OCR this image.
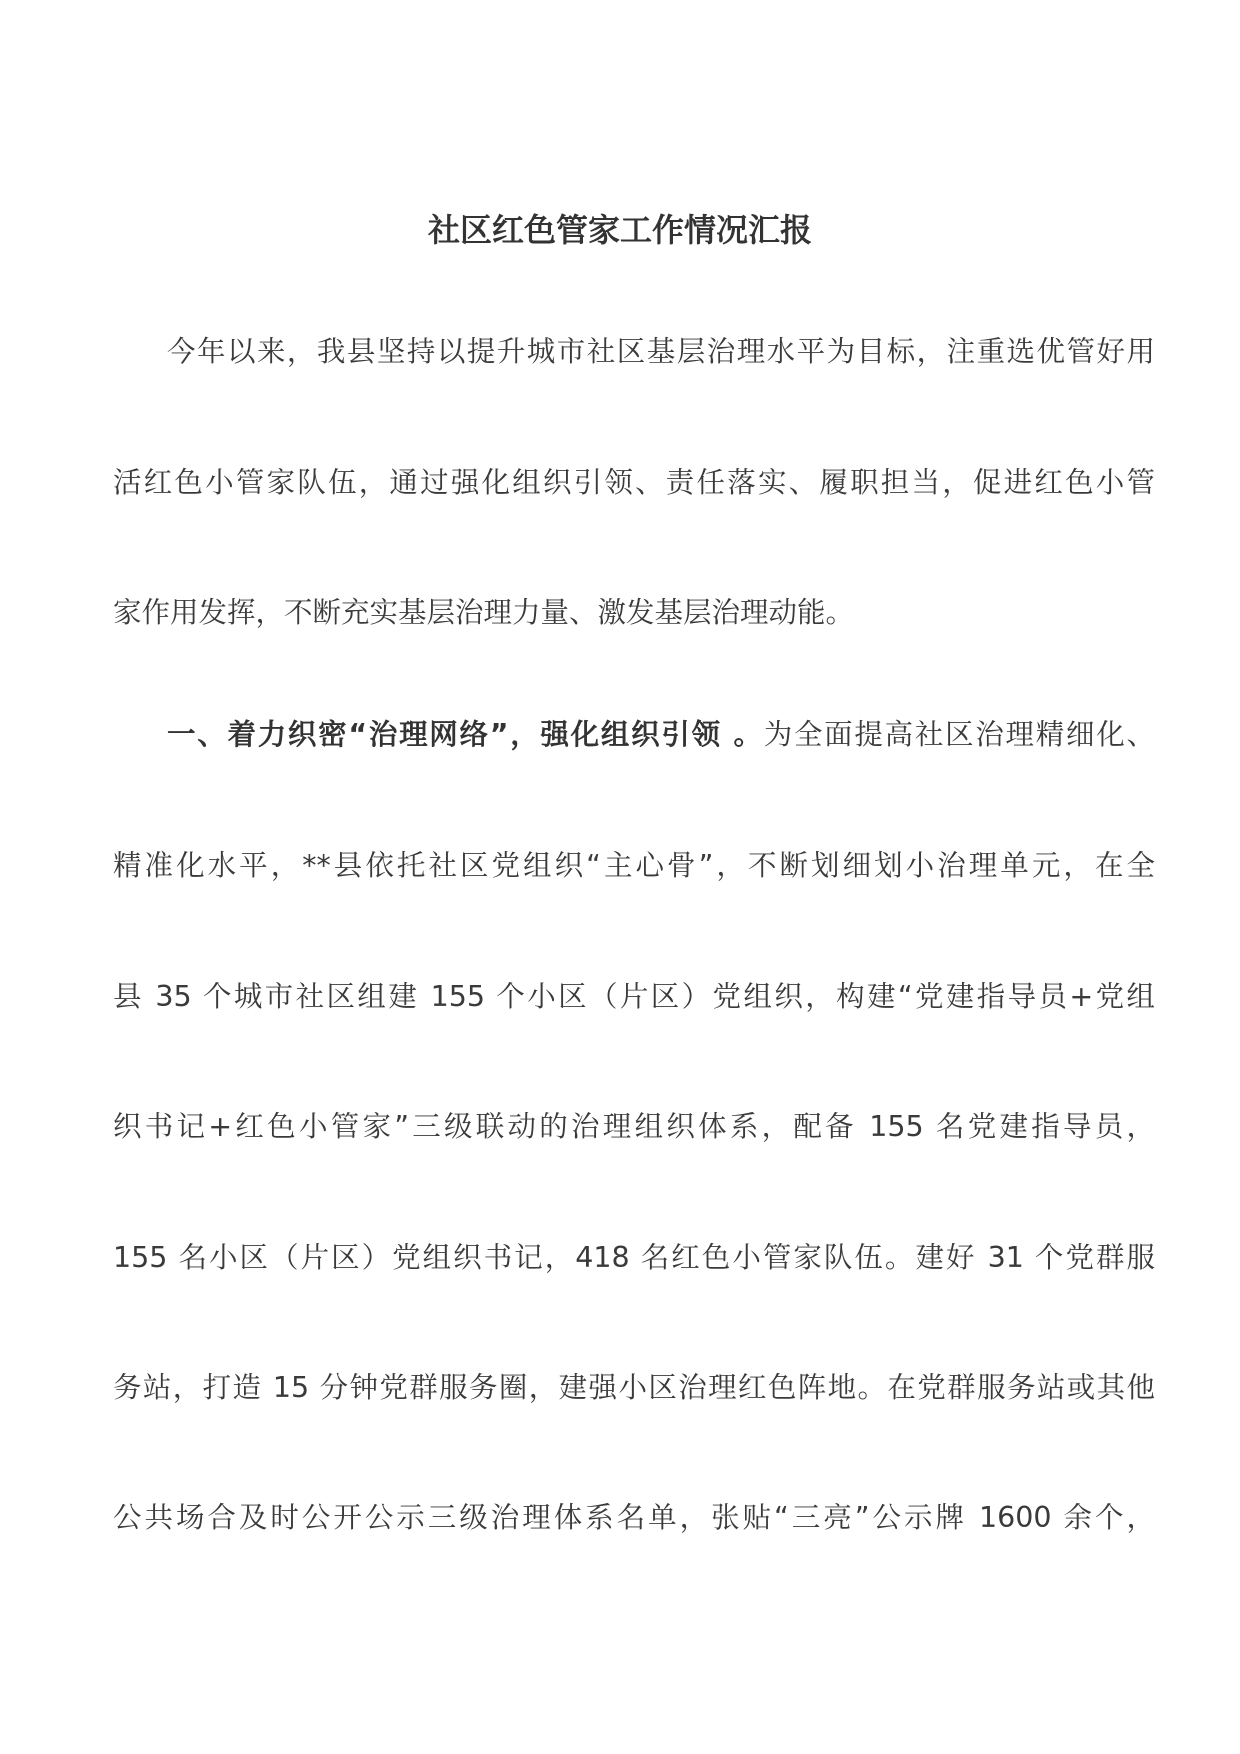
社区红色管家工作情况汇报
今年以来，我县坚持以提升城市社区基层治理水平为目标，注重选优管好用
活红色小管家队伍，通过强化组织引领、责任落实、履职担当，促进红色小管
家作用发挥，不断充实基层治理力量、激发基层治理动能。
一、着力织密“治理网络”，强化组织引领 。为全面提高社区治理精细化、
精准化水平，**县依托社区党组织“主心骨”，不断划细划小治理单元，在全
县 35 个城市社区组建 155 个小区（片区）党组织，构建“党建指导员+党组
织书记+红色小管家”三级联动的治理组织体系，配备 155 名党建指导员，
155 名小区（片区）党组织书记，418 名红色小管家队伍。建好 31 个党群服
务站，打造 15 分钟党群服务圈，建强小区治理红色阵地。在党群服务站或其他
公共场合及时公开公示三级治理体系名单，张贴“三亮”公示牌 1600 余个，
